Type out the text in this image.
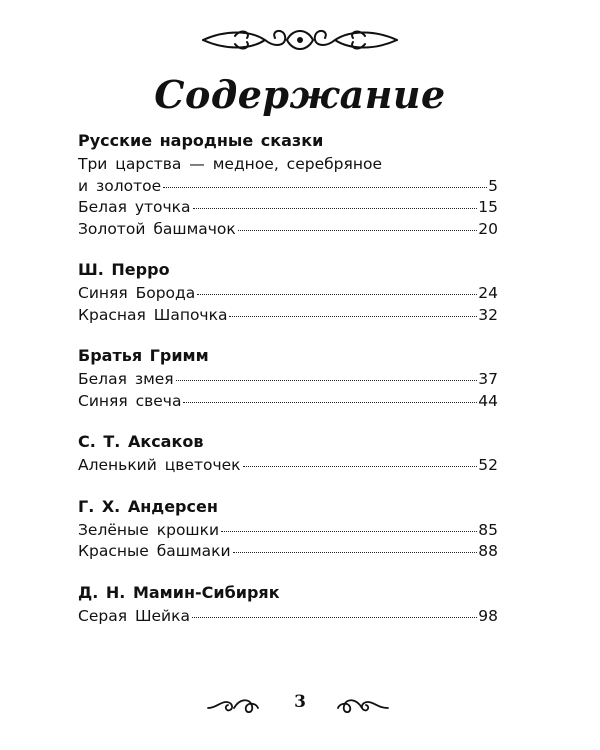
Содержание
Русские народные сказки
Три царства — медное, серебряное
и золотое	5
Белая уточка	15
Золотой башмачок	20
Ш. Перро
Синяя Борода	24
Красная Шапочка	32
Братья Гримм
Белая змея	37
Синяя свеча	44
С. Т. Аксаков
Аленький цветочек	52
Г. Х. Андерсен
Зелёные крошки	85
Красные башмаки	88
Д. Н. Мамин-Сибиряк
Серая Шейка	98
3
